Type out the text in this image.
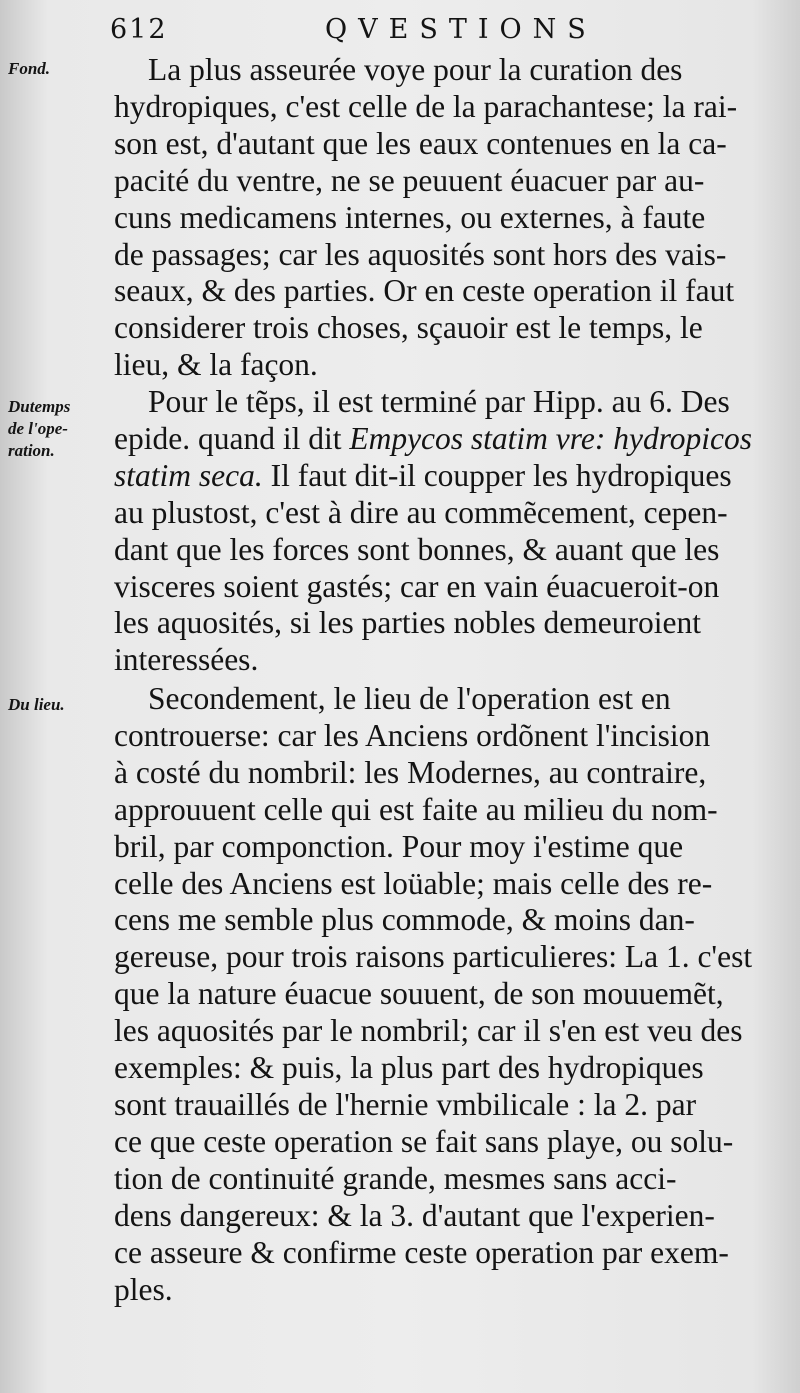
612	QVESTIONS
Fond.
Dutemps
de l'ope-
ration.
Du lieu.
La plus asseurée voye pour la curation des
hydropiques, c'est celle de la parachantese; la rai-
son est, d'autant que les eaux contenues en la ca-
pacité du ventre, ne se peuuent éuacuer par au-
cuns medicamens internes, ou externes, à faute
de passages; car les aquosités sont hors des vais-
seaux, & des parties. Or en ceste operation il faut
considerer trois choses, sçauoir est le temps, le
lieu, & la façon.
Pour le tẽps, il est terminé par Hipp. au 6. Des
epide. quand il dit Empycos statim vre: hydropicos
statim seca. Il faut dit-il coupper les hydropiques
au plustost, c'est à dire au commẽcement, cepen-
dant que les forces sont bonnes, & auant que les
visceres soient gastés; car en vain éuacueroit-on
les aquosités, si les parties nobles demeuroient
interessées.
Secondement, le lieu de l'operation est en
controuerse: car les Anciens ordõnent l'incision
à costé du nombril: les Modernes, au contraire,
approuuent celle qui est faite au milieu du nom-
bril, par componction. Pour moy i'estime que
celle des Anciens est loüable; mais celle des re-
cens me semble plus commode, & moins dan-
gereuse, pour trois raisons particulieres: La 1. c'est
que la nature éuacue souuent, de son mouuemẽt,
les aquosités par le nombril; car il s'en est veu des
exemples: & puis, la plus part des hydropiques
sont trauaillés de l'hernie vmbilicale : la 2. par
ce que ceste operation se fait sans playe, ou solu-
tion de continuité grande, mesmes sans acci-
dens dangereux: & la 3. d'autant que l'experien-
ce asseure & confirme ceste operation par exem-
ples.
